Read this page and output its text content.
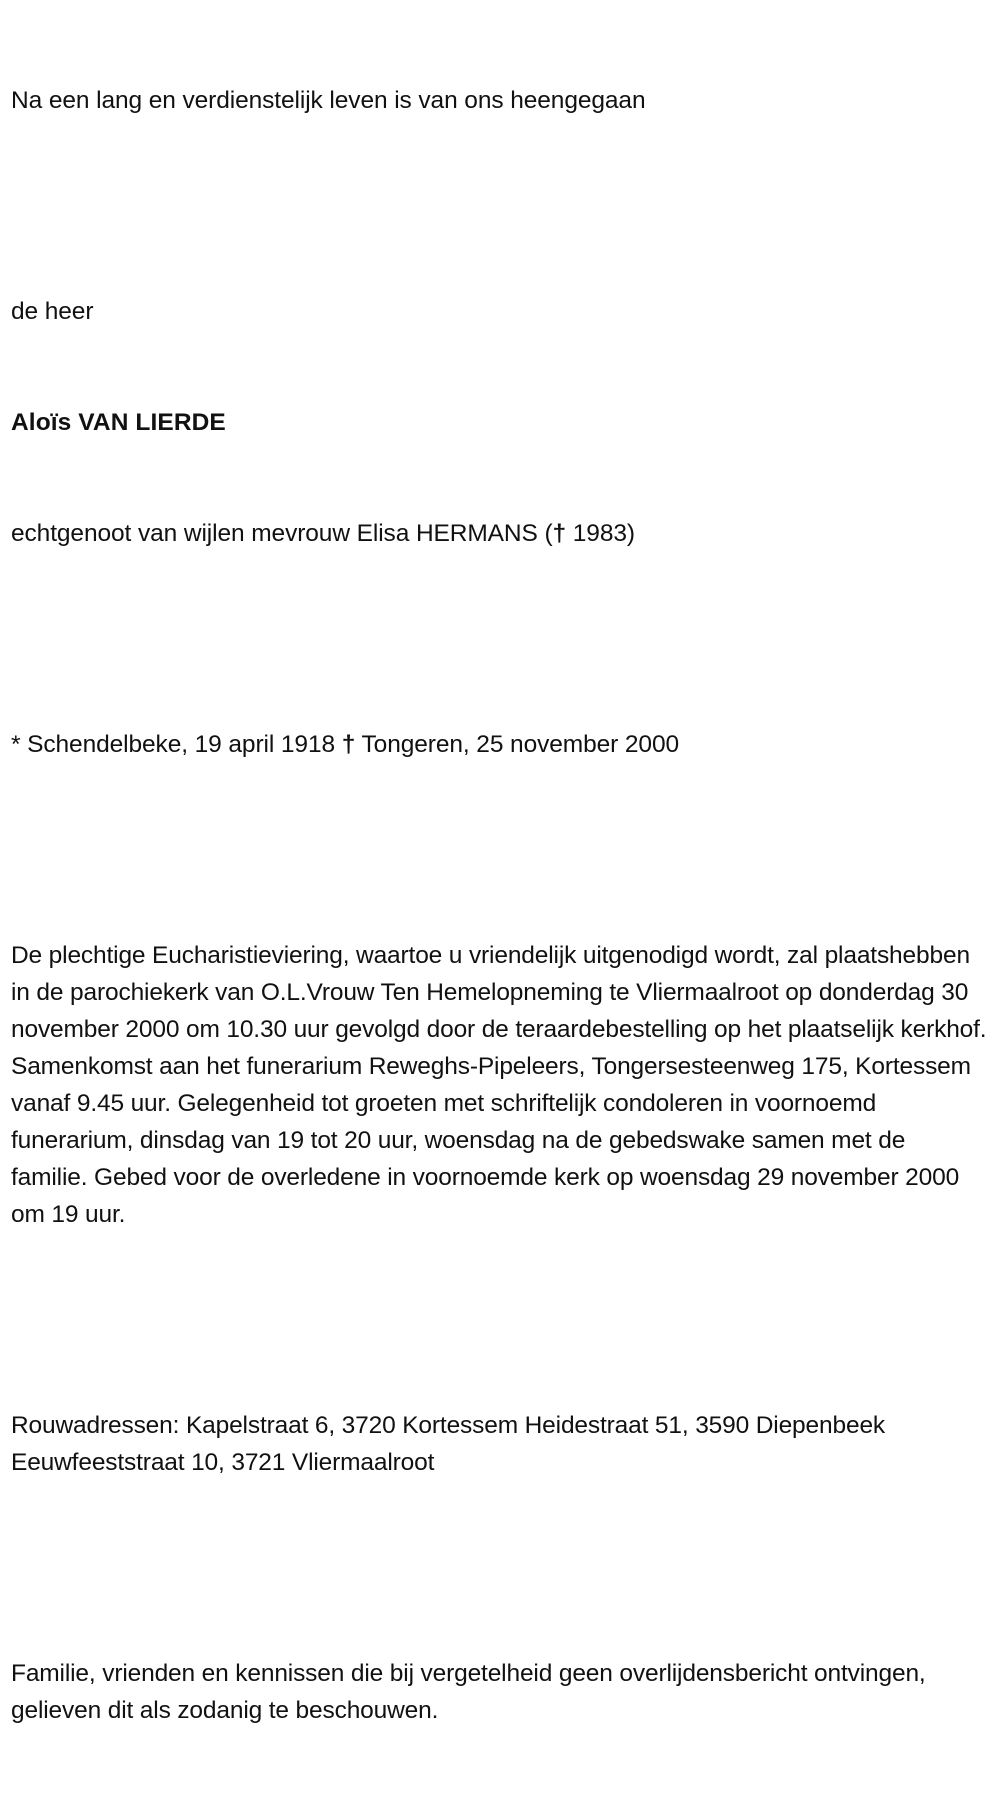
Na een lang en verdienstelijk leven is van ons heengegaan

de heer

Aloïs VAN LIERDE

echtgenoot van wijlen mevrouw Elisa HERMANS († 1983)

* Schendelbeke, 19 april 1918 † Tongeren, 25 november 2000

De plechtige Eucharistieviering, waartoe u vriendelijk uitgenodigd wordt, zal plaatshebben in de parochiekerk van O.L.Vrouw Ten Hemelopneming te Vliermaalroot op donderdag 30 november 2000 om 10.30 uur gevolgd door de teraardebestelling op het plaatselijk kerkhof. Samenkomst aan het funerarium Reweghs-Pipeleers, Tongersesteenweg 175, Kortessem vanaf 9.45 uur. Gelegenheid tot groeten met schriftelijk condoleren in voornoemd funerarium, dinsdag van 19 tot 20 uur, woensdag na de gebedswake samen met de familie. Gebed voor de overledene in voornoemde kerk op woensdag 29 november 2000 om 19 uur.

Rouwadressen: Kapelstraat 6, 3720 Kortessem Heidestraat 51, 3590 Diepenbeek Eeuwfeeststraat 10, 3721 Vliermaalroot

Familie, vrienden en kennissen die bij vergetelheid geen overlijdensbericht ontvingen, gelieven dit als zodanig te beschouwen.
